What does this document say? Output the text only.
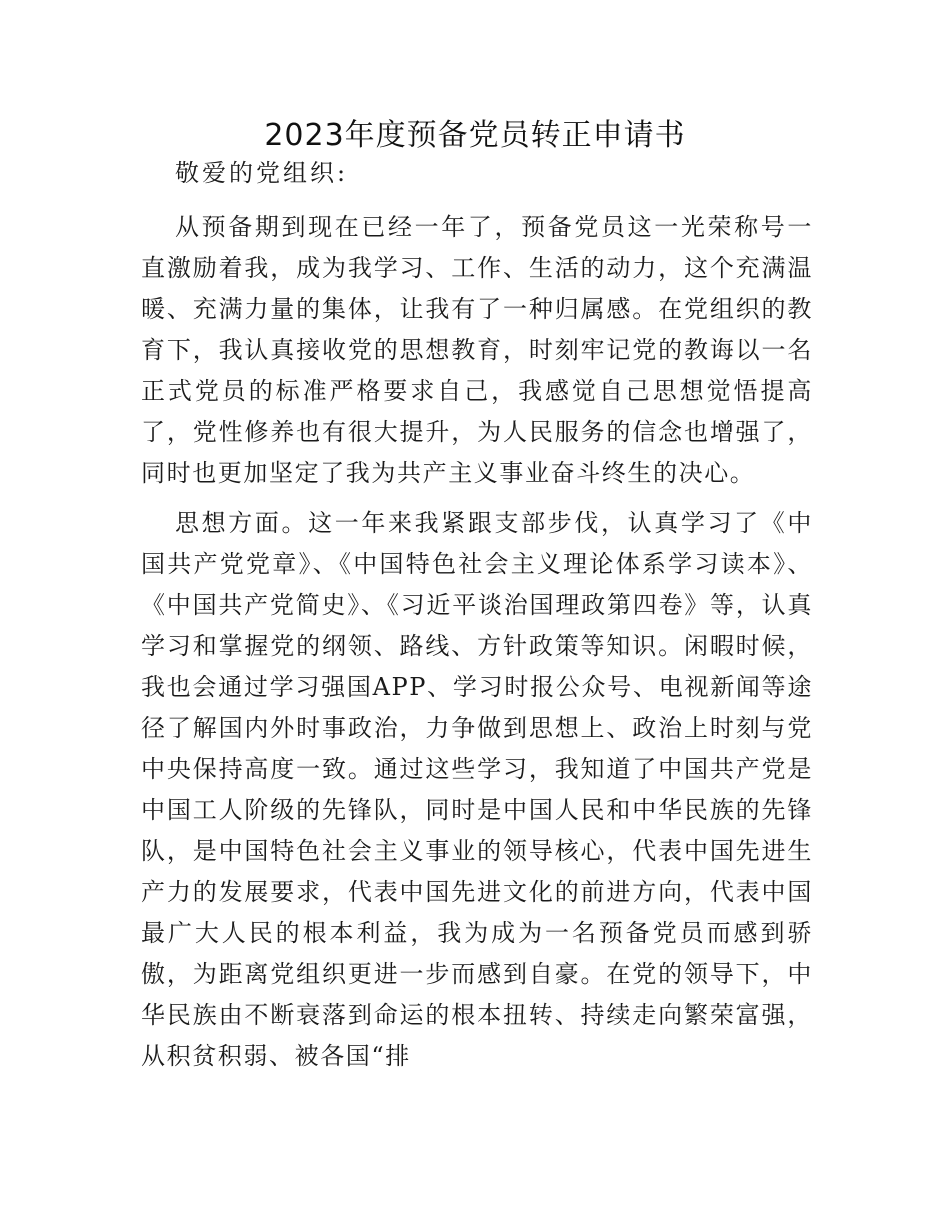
2023年度预备党员转正申请书

敬爱的党组织:

从预备期到现在已经一年了，预备党员这一光荣称号一直激励着我，成为我学习、工作、生活的动力，这个充满温暖、充满力量的集体，让我有了一种归属感。在党组织的教育下，我认真接收党的思想教育，时刻牢记党的教诲以一名正式党员的标准严格要求自己，我感觉自己思想觉悟提高了，党性修养也有很大提升，为人民服务的信念也增强了，同时也更加坚定了我为共产主义事业奋斗终生的决心。

思想方面。这一年来我紧跟支部步伐，认真学习了《中国共产党党章》、《中国特色社会主义理论体系学习读本》、《中国共产党简史》、《习近平谈治国理政第四卷》等，认真学习和掌握党的纲领、路线、方针政策等知识。闲暇时候，我也会通过学习强国APP、学习时报公众号、电视新闻等途径了解国内外时事政治，力争做到思想上、政治上时刻与党中央保持高度一致。通过这些学习，我知道了中国共产党是中国工人阶级的先锋队，同时是中国人民和中华民族的先锋队，是中国特色社会主义事业的领导核心，代表中国先进生产力的发展要求，代表中国先进文化的前进方向，代表中国最广大人民的根本利益，我为成为一名预备党员而感到骄傲，为距离党组织更进一步而感到自豪。在党的领导下，中华民族由不断衰落到命运的根本扭转、持续走向繁荣富强，从积贫积弱、被各国“排
